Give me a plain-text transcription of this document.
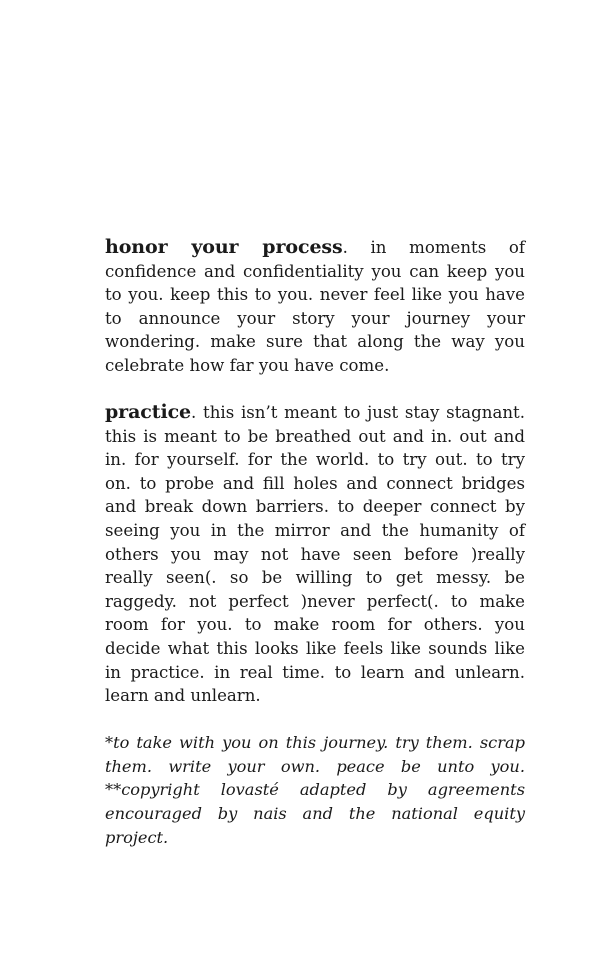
honor your process. in moments of confidence and confidentiality you can keep you to you. keep this to you. never feel like you have to announce your story your journey your wondering. make sure that along the way you celebrate how far you have come.

practice. this isn’t meant to just stay stagnant. this is meant to be breathed out and in. out and in. for yourself. for the world. to try out. to try on. to probe and fill holes and connect bridges and break down barriers. to deeper connect by seeing you in the mirror and the humanity of others you may not have seen before )really really seen(. so be willing to get messy. be raggedy. not perfect )never perfect(. to make room for you. to make room for others. you decide what this looks like feels like sounds like in practice. in real time. to learn and unlearn. learn and unlearn.

*to take with you on this journey. try them. scrap them. write your own. peace be unto you. **copyright lovasté adapted by agreements encouraged by nais and the national equity project.
